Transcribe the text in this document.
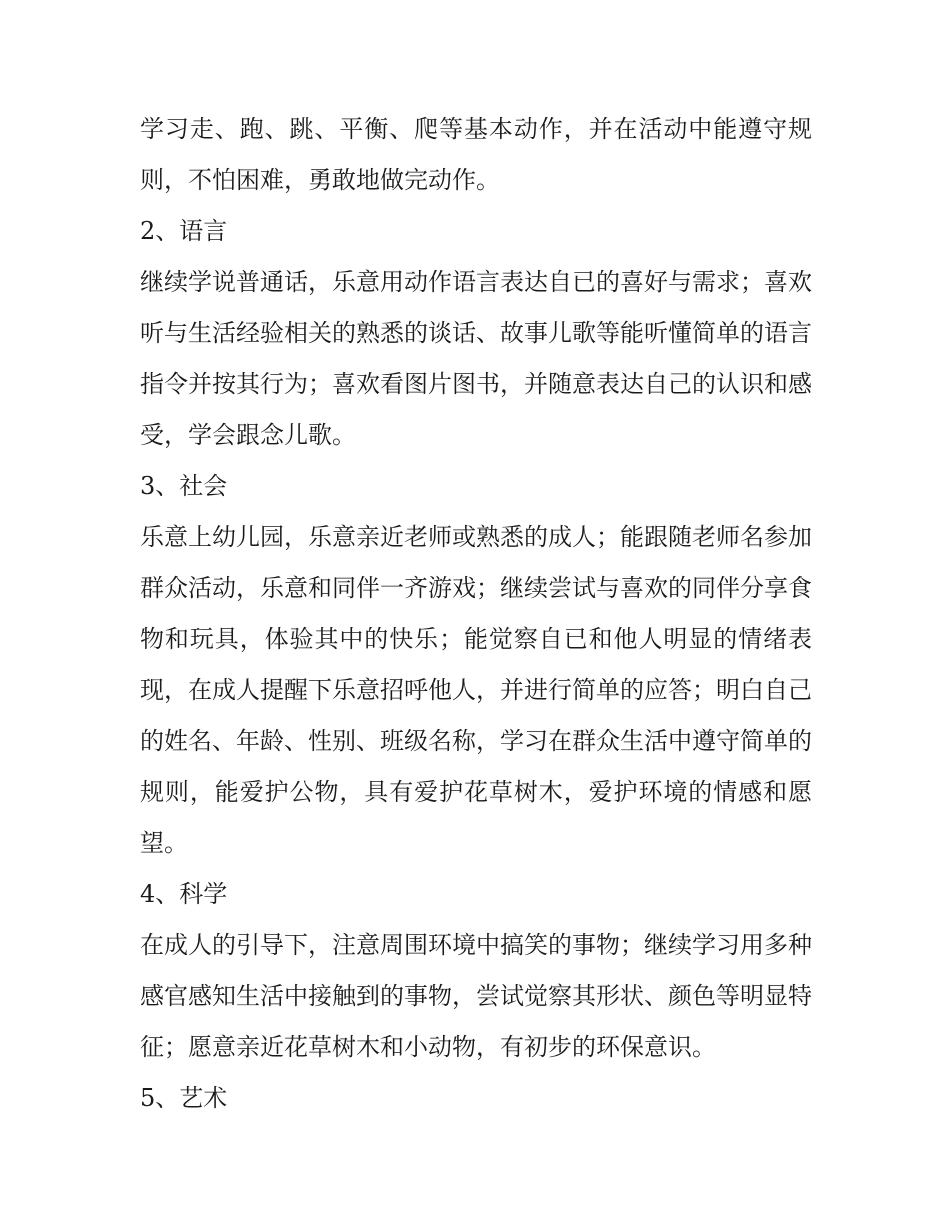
学习走、跑、跳、平衡、爬等基本动作，并在活动中能遵守规则，不怕困难，勇敢地做完动作。

2、语言

继续学说普通话，乐意用动作语言表达自已的喜好与需求；喜欢听与生活经验相关的熟悉的谈话、故事儿歌等能听懂简单的语言指令并按其行为；喜欢看图片图书，并随意表达自己的认识和感受，学会跟念儿歌。

3、社会

乐意上幼儿园，乐意亲近老师或熟悉的成人；能跟随老师名参加群众活动，乐意和同伴一齐游戏；继续尝试与喜欢的同伴分享食物和玩具，体验其中的快乐；能觉察自已和他人明显的情绪表现，在成人提醒下乐意招呼他人，并进行简单的应答；明白自己的姓名、年龄、性别、班级名称，学习在群众生活中遵守简单的规则，能爱护公物，具有爱护花草树木，爱护环境的情感和愿望。

4、科学

在成人的引导下，注意周围环境中搞笑的事物；继续学习用多种感官感知生活中接触到的事物，尝试觉察其形状、颜色等明显特征；愿意亲近花草树木和小动物，有初步的环保意识。

5、艺术
